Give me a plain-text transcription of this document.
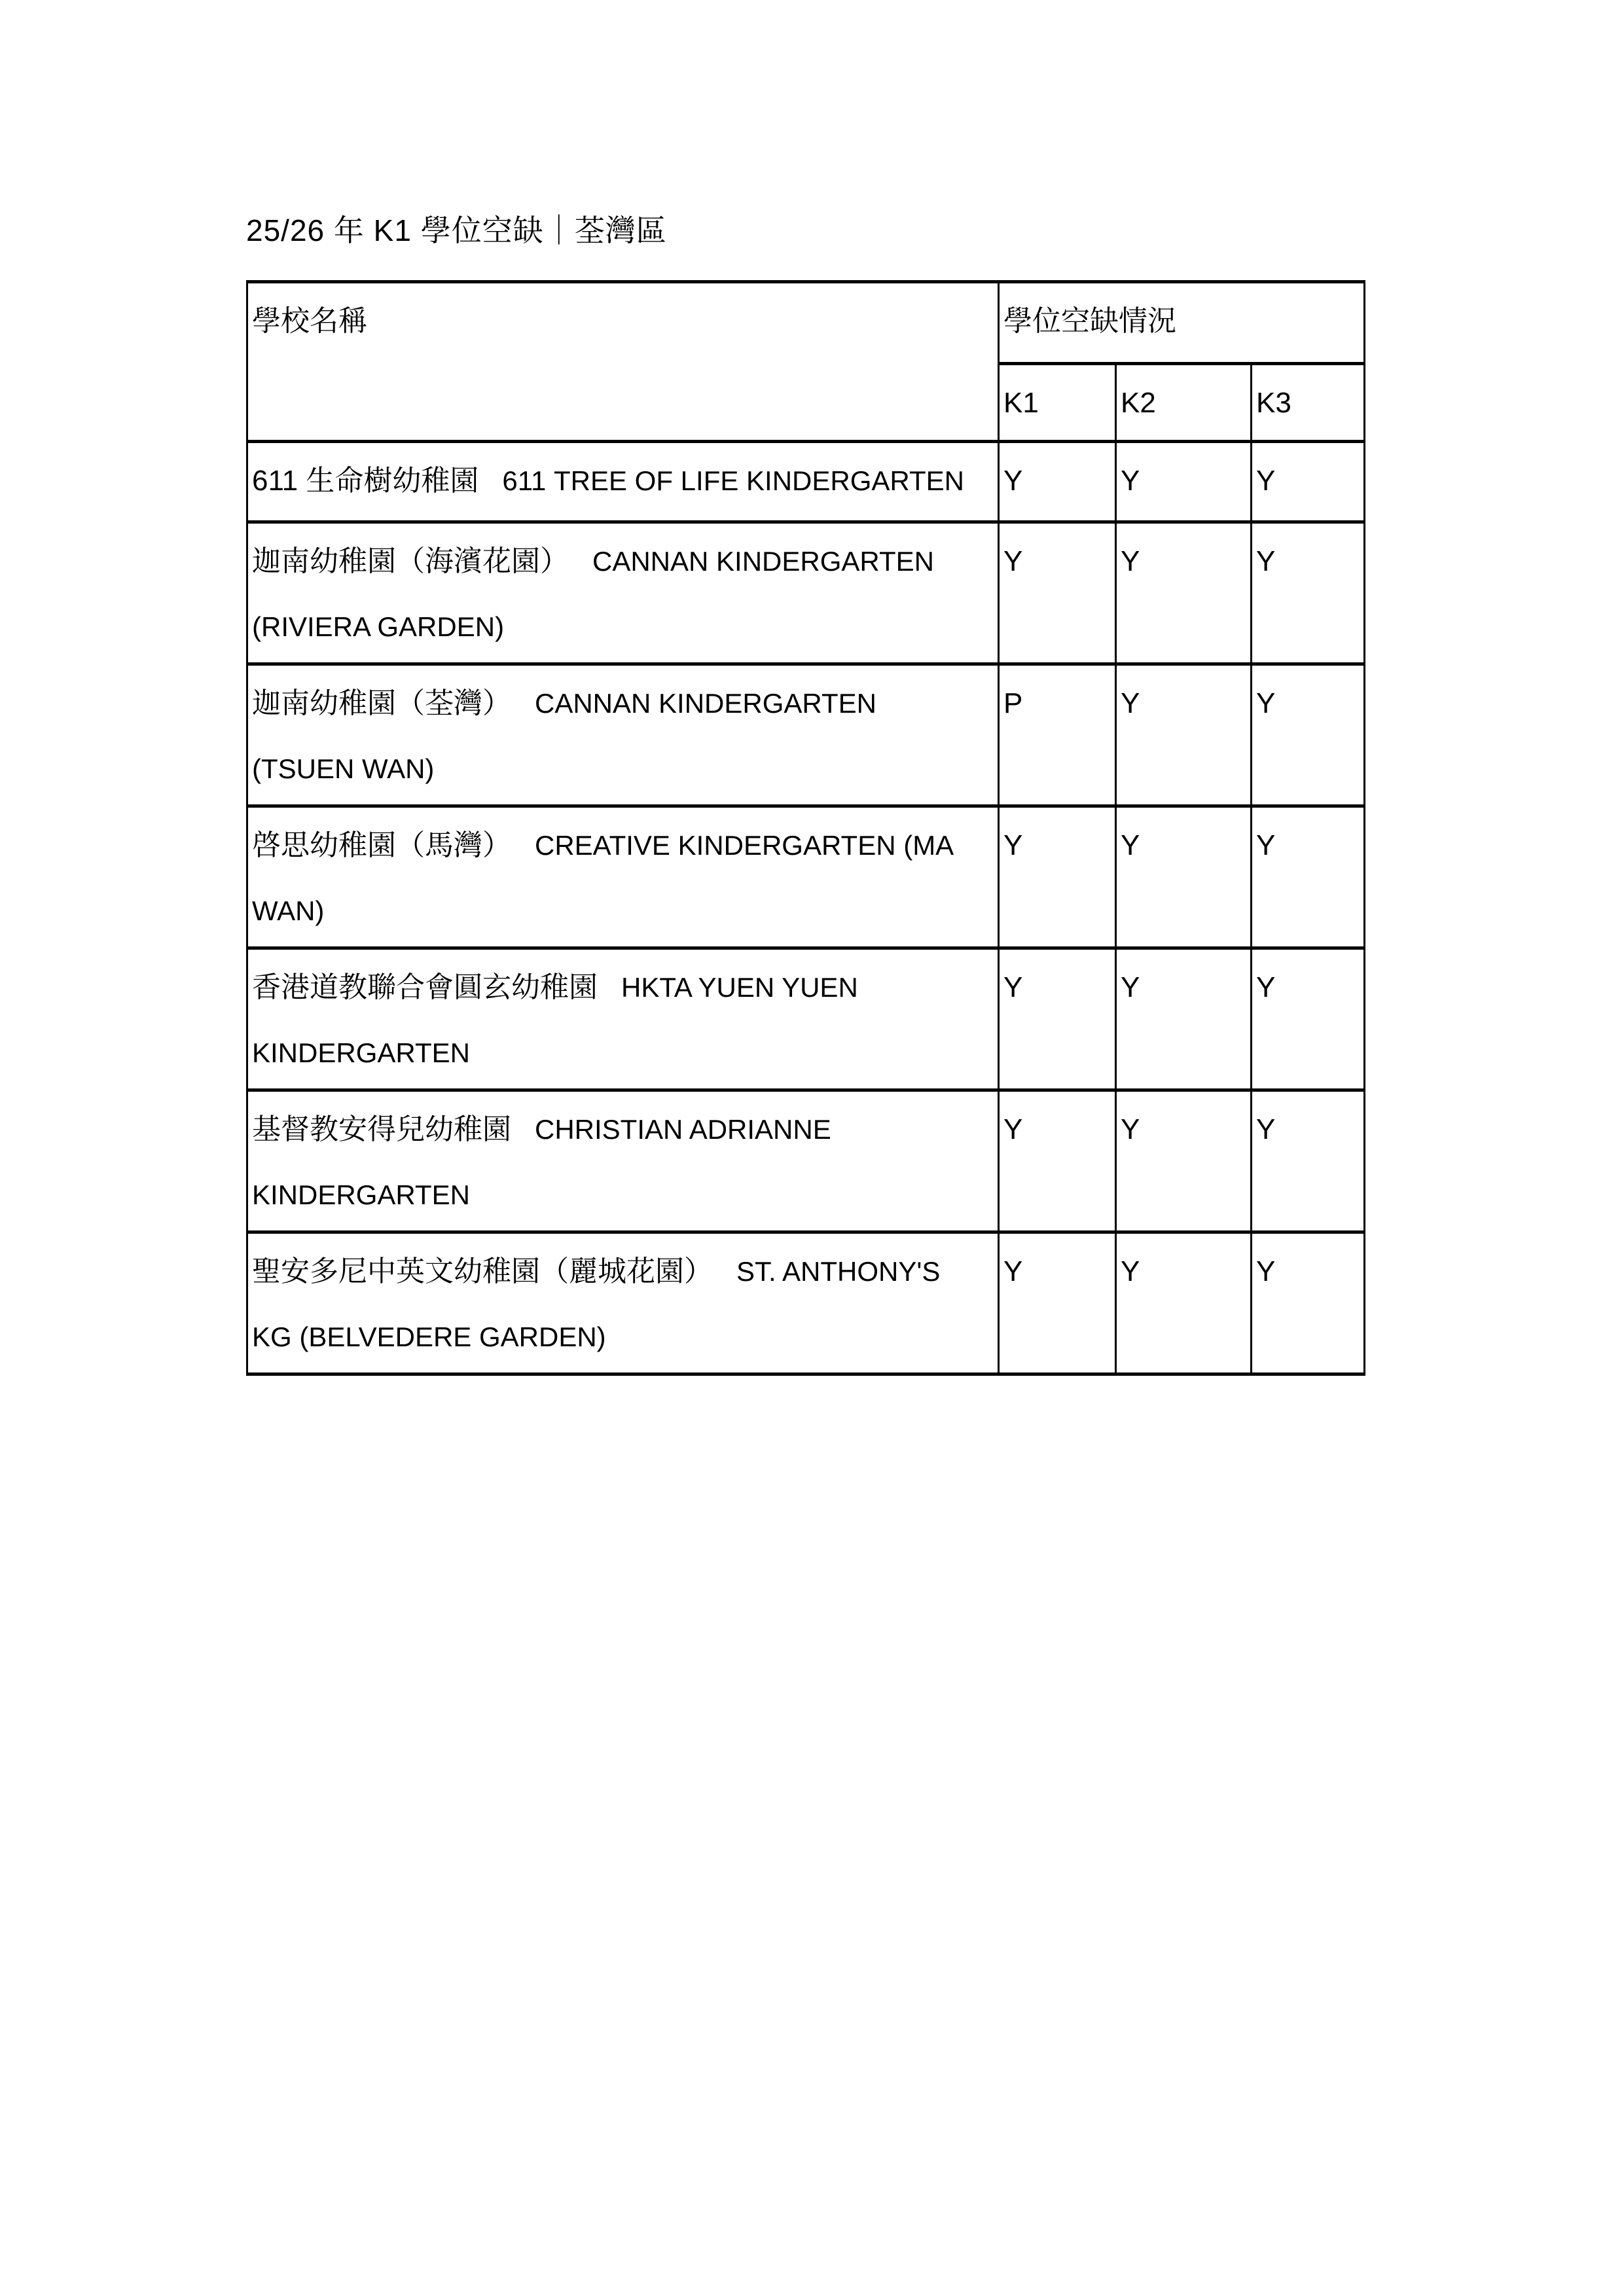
25/26 年 K1 學位空缺｜荃灣區

學校名稱	學位空缺情況		
	K1	K2	K3
611 生命樹幼稚園 611 TREE OF LIFE KINDERGARTEN	Y	Y	Y
迦南幼稚園（海濱花園） CANNAN KINDERGARTEN
(RIVIERA GARDEN)	Y	Y	Y
迦南幼稚園（荃灣） CANNAN KINDERGARTEN
(TSUEN WAN)	P	Y	Y
啓思幼稚園（馬灣） CREATIVE KINDERGARTEN (MA
WAN)	Y	Y	Y
香港道教聯合會圓玄幼稚園 HKTA YUEN YUEN
KINDERGARTEN	Y	Y	Y
基督教安得兒幼稚園 CHRISTIAN ADRIANNE
KINDERGARTEN	Y	Y	Y
聖安多尼中英文幼稚園（麗城花園） ST. ANTHONY'S
KG (BELVEDERE GARDEN)	Y	Y	Y
